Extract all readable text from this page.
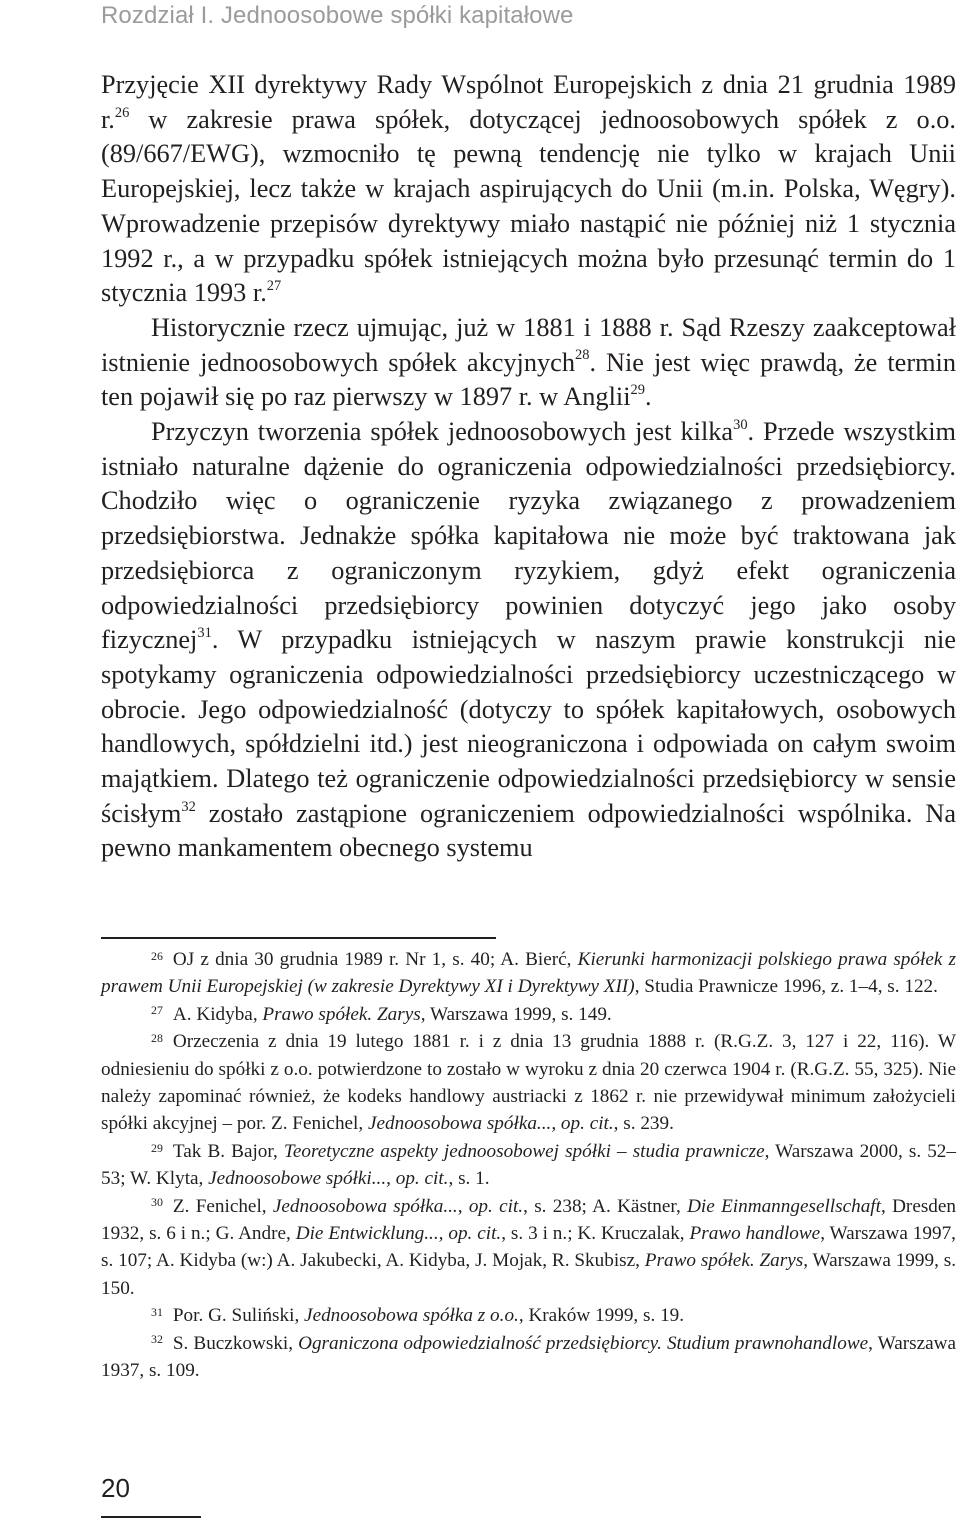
Rozdział I. Jednoosobowe spółki kapitałowe

Przyjęcie XII dyrektywy Rady Wspólnot Europejskich z dnia 21 grudnia 1989 r.$^{26}$ w zakresie prawa spółek, dotyczącej jednoosobowych spółek z o.o. (89/667/EWG), wzmocniło tę pewną tendencję nie tylko w krajach Unii Europejskiej, lecz także w krajach aspirujących do Unii (m.in. Polska, Węgry). Wprowadzenie przepisów dyrektywy miało nastąpić nie później niż 1 stycznia 1992 r., a w przypadku spółek istniejących można było przesunąć termin do 1 stycznia 1993 r.$^{27}$

Historycznie rzecz ujmując, już w 1881 i 1888 r. Sąd Rzeszy zaakceptował istnienie jednoosobowych spółek akcyjnych$^{28}$. Nie jest więc prawdą, że termin ten pojawił się po raz pierwszy w 1897 r. w Anglii$^{29}$.

Przyczyn tworzenia spółek jednoosobowych jest kilka$^{30}$. Przede wszystkim istniało naturalne dążenie do ograniczenia odpowiedzialności przedsiębiorcy. Chodziło więc o ograniczenie ryzyka związanego z prowadzeniem przedsiębiorstwa. Jednakże spółka kapitałowa nie może być traktowana jak przedsiębiorca z ograniczonym ryzykiem, gdyż efekt ograniczenia odpowiedzialności przedsiębiorcy powinien dotyczyć jego jako osoby fizycznej$^{31}$. W przypadku istniejących w naszym prawie konstrukcji nie spotykamy ograniczenia odpowiedzialności przedsiębiorcy uczestniczącego w obrocie. Jego odpowiedzialność (dotyczy to spółek kapitałowych, osobowych handlowych, spółdzielni itd.) jest nieograniczona i odpowiada on całym swoim majątkiem. Dlatego też ograniczenie odpowiedzialności przedsiębiorcy w sensie ścisłym$^{32}$ zostało zastąpione ograniczeniem odpowiedzialności wspólnika. Na pewno mankamentem obecnego systemu

$^{26}$ OJ z dnia 30 grudnia 1989 r. Nr 1, s. 40; A. Bierć, Kierunki harmonizacji polskiego prawa spółek z prawem Unii Europejskiej (w zakresie Dyrektywy XI i Dyrektywy XII), Studia Prawnicze 1996, z. 1–4, s. 122.

$^{27}$ A. Kidyba, Prawo spółek. Zarys, Warszawa 1999, s. 149.

$^{28}$ Orzeczenia z dnia 19 lutego 1881 r. i z dnia 13 grudnia 1888 r. (R.G.Z. 3, 127 i 22, 116). W odniesieniu do spółki z o.o. potwierdzone to zostało w wyroku z dnia 20 czerwca 1904 r. (R.G.Z. 55, 325). Nie należy zapominać również, że kodeks handlowy austriacki z 1862 r. nie przewidywał minimum założycieli spółki akcyjnej – por. Z. Fenichel, Jednoosobowa spółka..., op. cit., s. 239.

$^{29}$ Tak B. Bajor, Teoretyczne aspekty jednoosobowej spółki – studia prawnicze, Warszawa 2000, s. 52–53; W. Klyta, Jednoosobowe spółki..., op. cit., s. 1.

$^{30}$ Z. Fenichel, Jednoosobowa spółka..., op. cit., s. 238; A. Kästner, Die Einmanngesellschaft, Dresden 1932, s. 6 i n.; G. Andre, Die Entwicklung..., op. cit., s. 3 i n.; K. Kruczalak, Prawo handlowe, Warszawa 1997, s. 107; A. Kidyba (w:) A. Jakubecki, A. Kidyba, J. Mojak, R. Skubisz, Prawo spółek. Zarys, Warszawa 1999, s. 150.

$^{31}$ Por. G. Suliński, Jednoosobowa spółka z o.o., Kraków 1999, s. 19.

$^{32}$ S. Buczkowski, Ograniczona odpowiedzialność przedsiębiorcy. Studium prawnohandlowe, Warszawa 1937, s. 109.

20
